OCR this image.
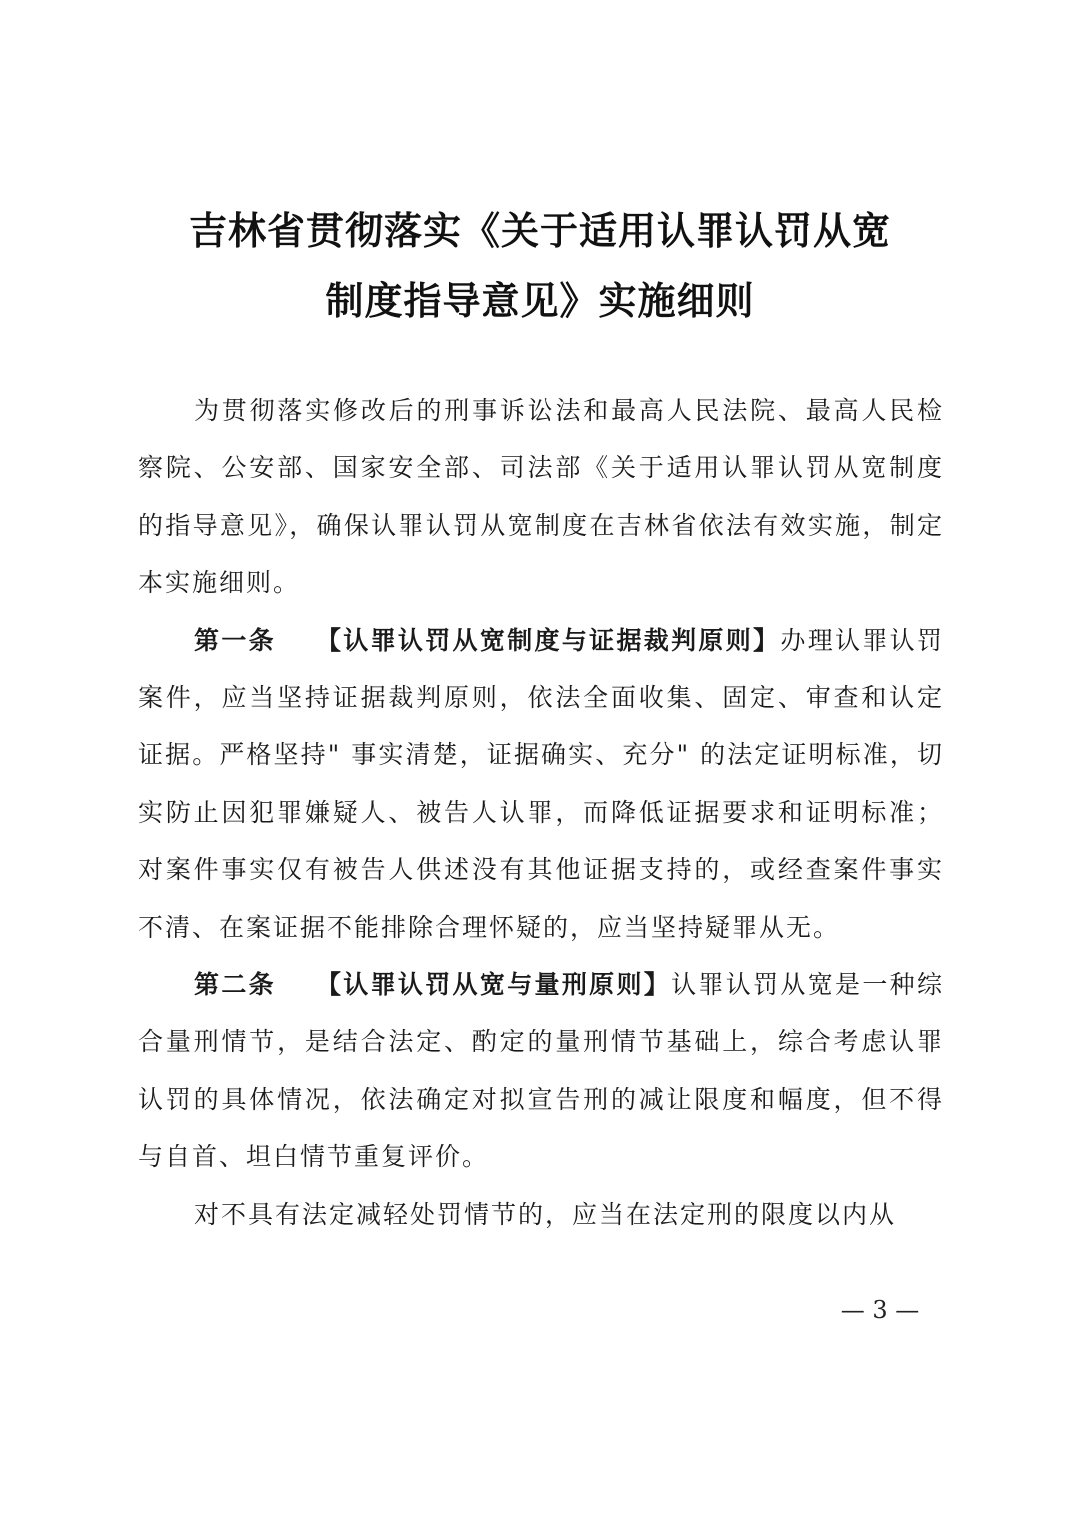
吉林省贯彻落实《关于适用认罪认罚从宽
制度指导意见》实施细则

为贯彻落实修改后的刑事诉讼法和最高人民法院、最高人民检察院、公安部、国家安全部、司法部《关于适用认罪认罚从宽制度的指导意见》，确保认罪认罚从宽制度在吉林省依法有效实施，制定本实施细则。

第一条 【认罪认罚从宽制度与证据裁判原则】办理认罪认罚案件，应当坚持证据裁判原则，依法全面收集、固定、审查和认定证据。严格坚持" 事实清楚，证据确实、充分" 的法定证明标准，切实防止因犯罪嫌疑人、被告人认罪，而降低证据要求和证明标准；对案件事实仅有被告人供述没有其他证据支持的，或经查案件事实不清、在案证据不能排除合理怀疑的，应当坚持疑罪从无。

第二条 【认罪认罚从宽与量刑原则】认罪认罚从宽是一种综合量刑情节，是结合法定、酌定的量刑情节基础上，综合考虑认罪认罚的具体情况，依法确定对拟宣告刑的减让限度和幅度，但不得与自首、坦白情节重复评价。

对不具有法定减轻处罚情节的，应当在法定刑的限度以内从

— 3 —
